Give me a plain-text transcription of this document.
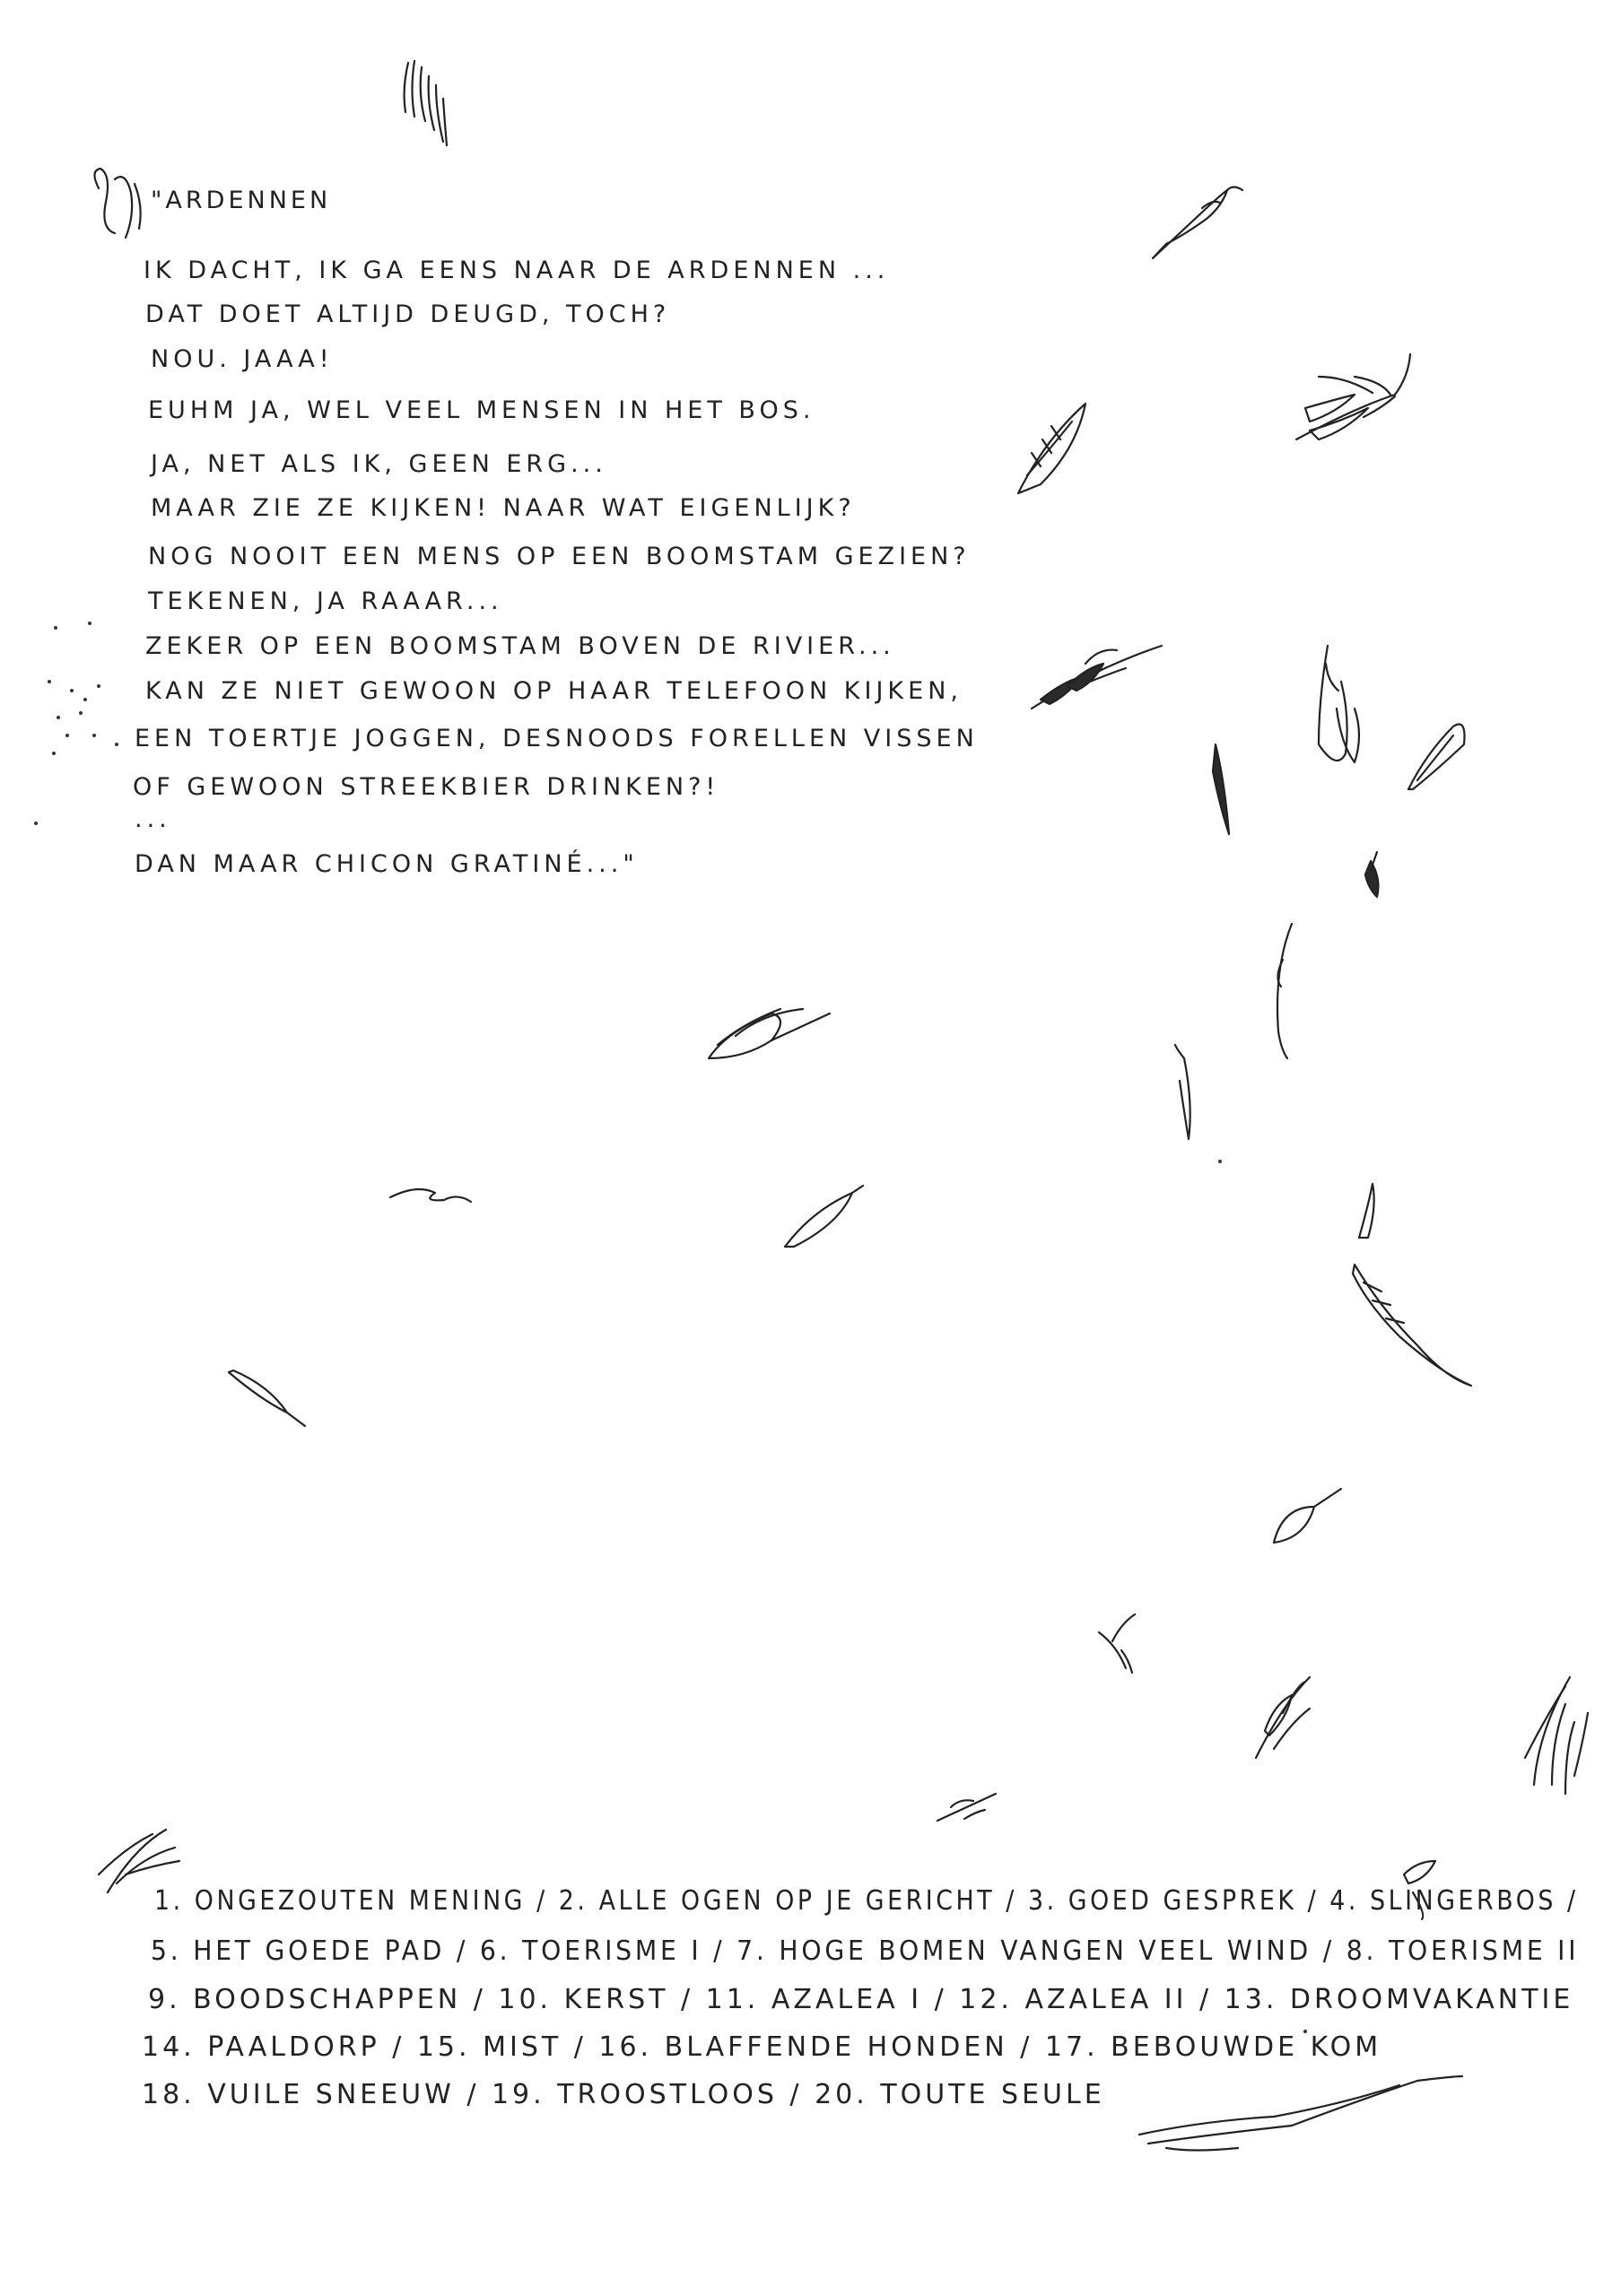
"ARDENNEN
IK DACHT, IK GA EENS NAAR DE ARDENNEN ...
DAT DOET ALTIJD DEUGD, TOCH?
NOU. JAAA!
EUHM JA, WEL VEEL MENSEN IN HET BOS.
JA, NET ALS IK, GEEN ERG...
MAAR ZIE ZE KIJKEN! NAAR WAT EIGENLIJK?
NOG NOOIT EEN MENS OP EEN BOOMSTAM GEZIEN?
TEKENEN, JA RAAAR...
ZEKER OP EEN BOOMSTAM BOVEN DE RIVIER...
KAN ZE NIET GEWOON OP HAAR TELEFOON KIJKEN,
EEN TOERTJE JOGGEN, DESNOODS FORELLEN VISSEN
OF GEWOON STREEKBIER DRINKEN?!
...
DAN MAAR CHICON GRATINÉ..."
1. ONGEZOUTEN MENING / 2. ALLE OGEN OP JE GERICHT / 3. GOED GESPREK / 4. SLINGERBOS /
5. HET GOEDE PAD / 6. TOERISME I / 7. HOGE BOMEN VANGEN VEEL WIND / 8. TOERISME II
9. BOODSCHAPPEN / 10. KERST / 11. AZALEA I / 12. AZALEA II / 13. DROOMVAKANTIE
14. PAALDORP / 15. MIST / 16. BLAFFENDE HONDEN / 17. BEBOUWDE KOM
18. VUILE SNEEUW / 19. TROOSTLOOS / 20. TOUTE SEULE
